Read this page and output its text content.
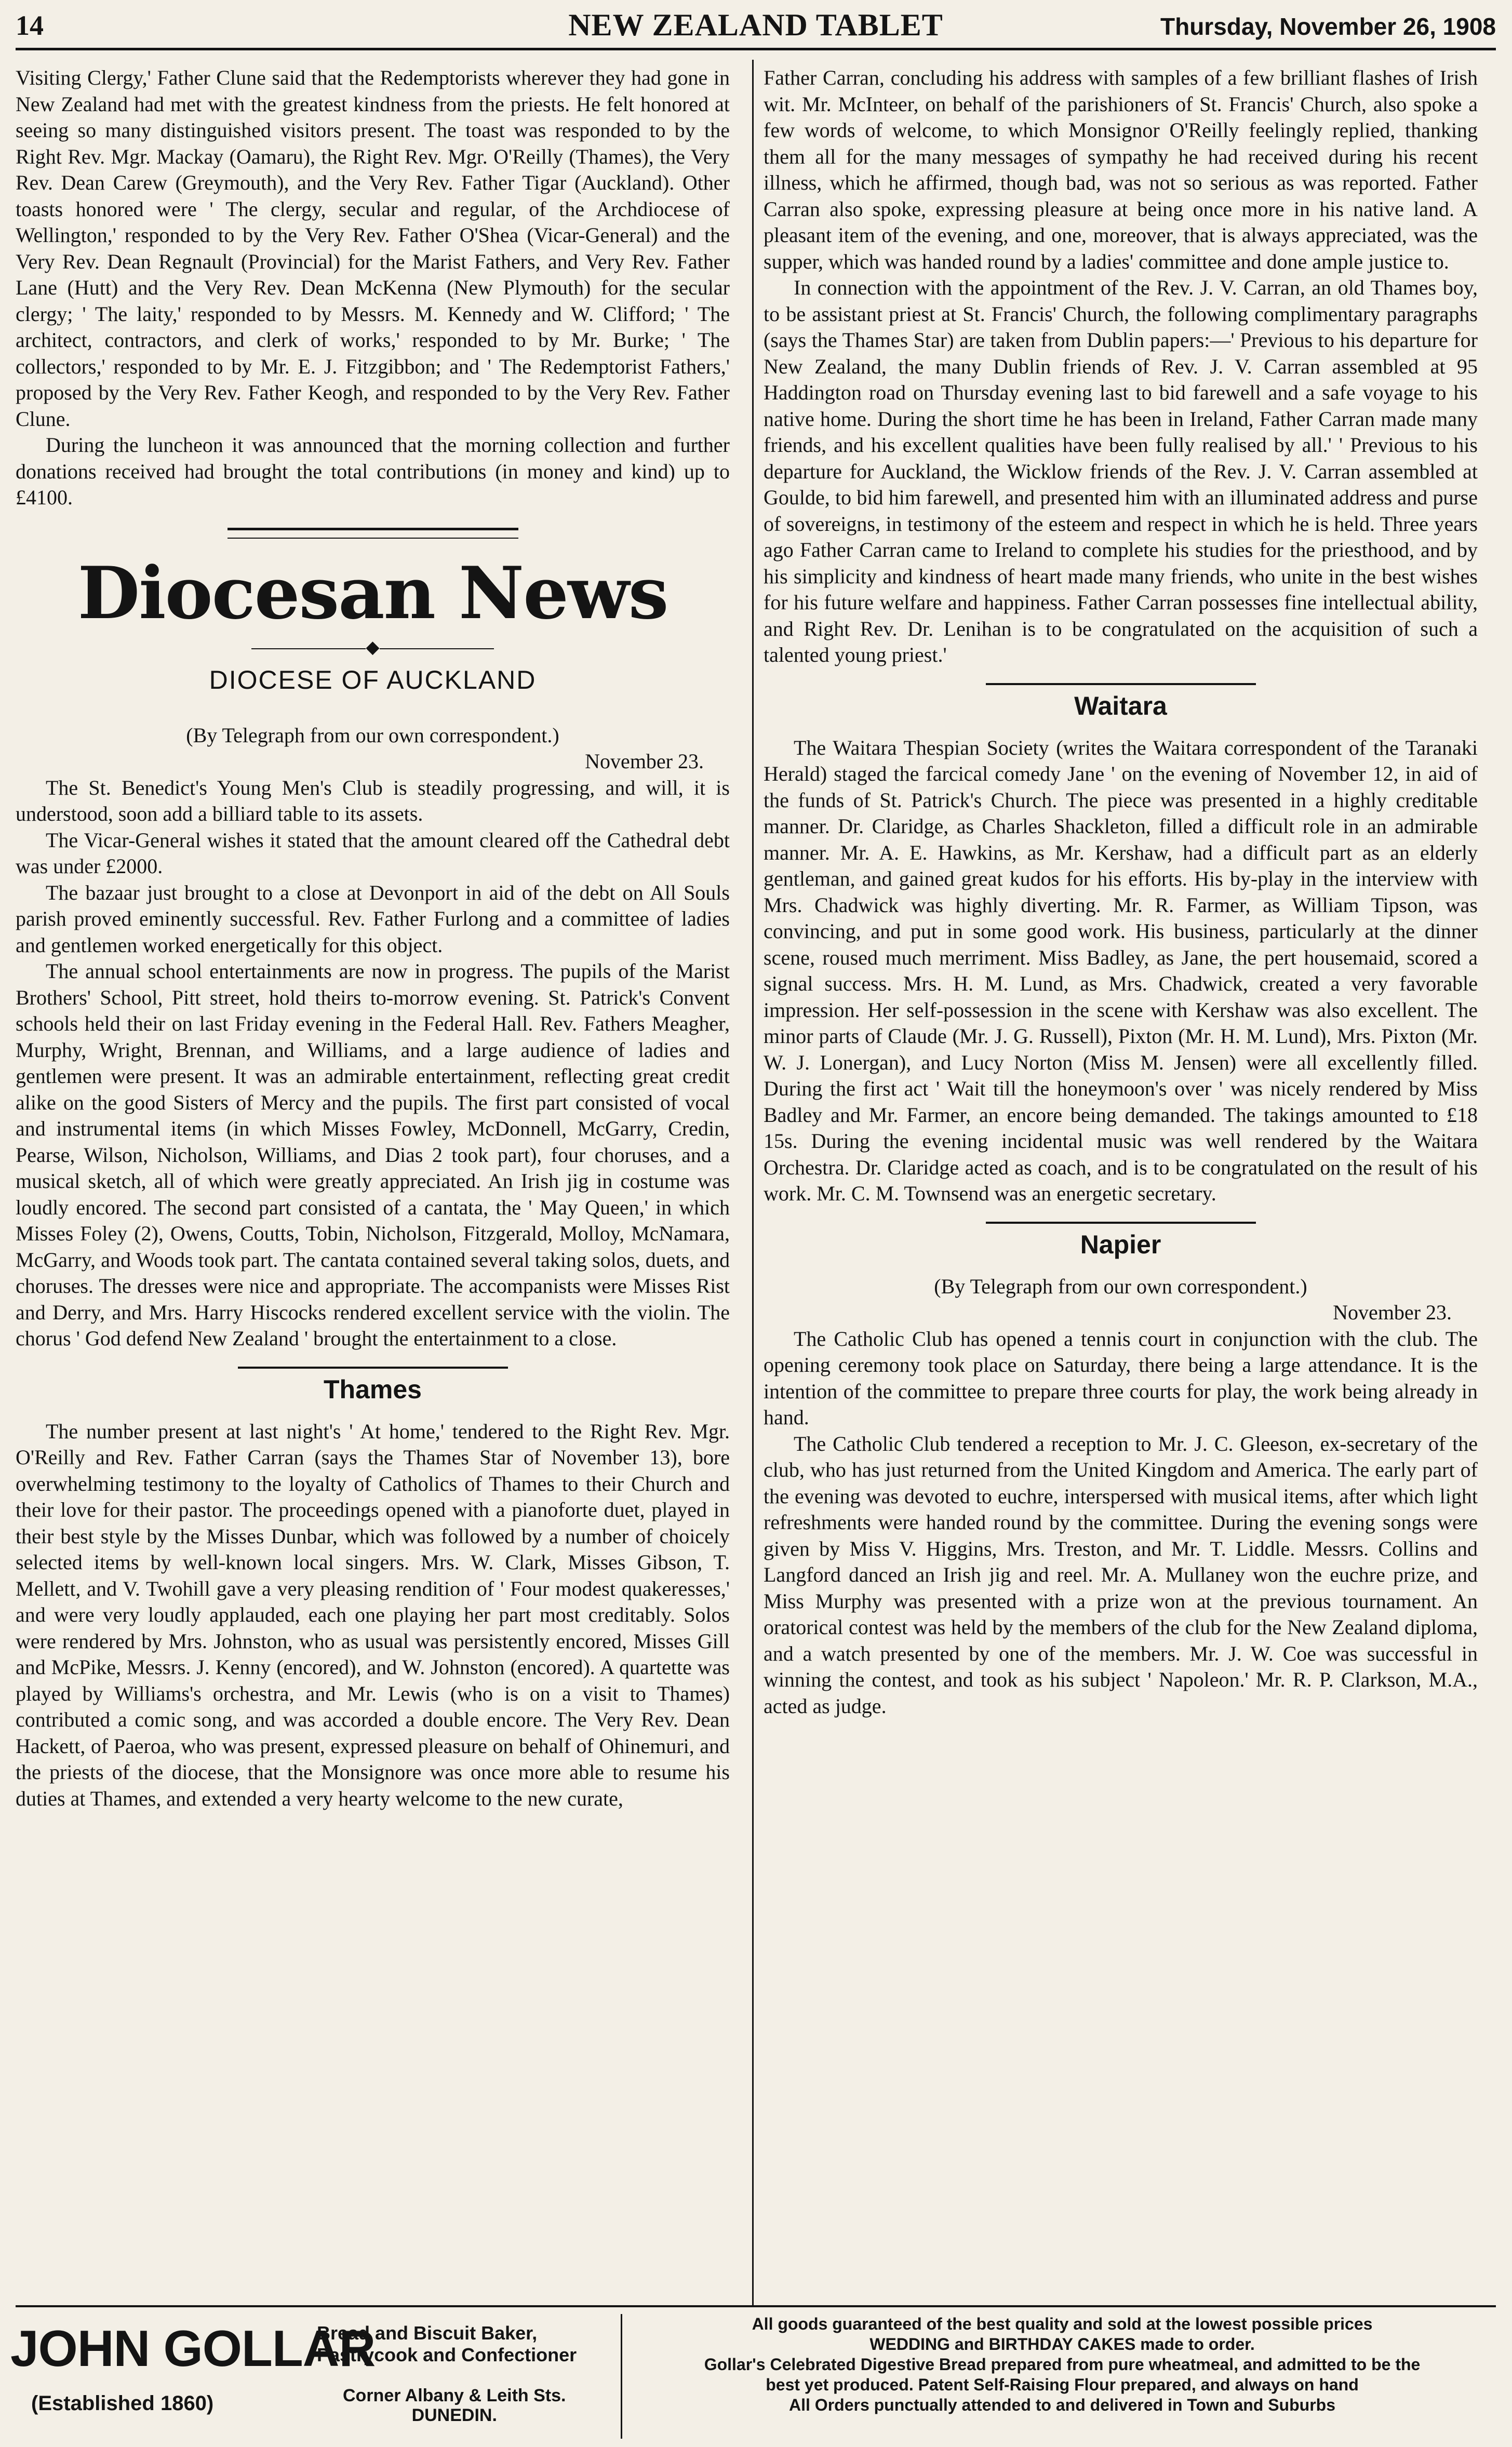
14	NEW ZEALAND TABLET	Thursday, November 26, 1908

Visiting Clergy,' Father Clune said that the Redemptorists wherever they had gone in New Zealand had met with the greatest kindness from the priests. He felt honored at seeing so many distinguished visitors present. The toast was responded to by the Right Rev. Mgr. Mackay (Oamaru), the Right Rev. Mgr. O'Reilly (Thames), the Very Rev. Dean Carew (Greymouth), and the Very Rev. Father Tigar (Auckland). Other toasts honored were ' The clergy, secular and regular, of the Archdiocese of Wellington,' responded to by the Very Rev. Father O'Shea (Vicar-General) and the Very Rev. Dean Regnault (Provincial) for the Marist Fathers, and Very Rev. Father Lane (Hutt) and the Very Rev. Dean McKenna (New Plymouth) for the secular clergy; ' The laity,' responded to by Messrs. M. Kennedy and W. Clifford; ' The architect, contractors, and clerk of works,' responded to by Mr. Burke; ' The collectors,' responded to by Mr. E. J. Fitzgibbon; and ' The Redemptorist Fathers,' proposed by the Very Rev. Father Keogh, and responded to by the Very Rev. Father Clune.

During the luncheon it was announced that the morning collection and further donations received had brought the total contributions (in money and kind) up to £4100.

Diocesan News
◆
DIOCESE OF AUCKLAND

(By Telegraph from our own correspondent.)

November 23.

The St. Benedict's Young Men's Club is steadily progressing, and will, it is understood, soon add a billiard table to its assets.

The Vicar-General wishes it stated that the amount cleared off the Cathedral debt was under £2000.

The bazaar just brought to a close at Devonport in aid of the debt on All Souls parish proved eminently successful. Rev. Father Furlong and a committee of ladies and gentlemen worked energetically for this object.

The annual school entertainments are now in progress. The pupils of the Marist Brothers' School, Pitt street, hold theirs to-morrow evening. St. Patrick's Convent schools held their on last Friday evening in the Federal Hall. Rev. Fathers Meagher, Murphy, Wright, Brennan, and Williams, and a large audience of ladies and gentlemen were present. It was an admirable entertainment, reflecting great credit alike on the good Sisters of Mercy and the pupils. The first part consisted of vocal and instrumental items (in which Misses Fowley, McDonnell, McGarry, Credin, Pearse, Wilson, Nicholson, Williams, and Dias 2 took part), four choruses, and a musical sketch, all of which were greatly appreciated. An Irish jig in costume was loudly encored. The second part consisted of a cantata, the ' May Queen,' in which Misses Foley (2), Owens, Coutts, Tobin, Nicholson, Fitzgerald, Molloy, McNamara, McGarry, and Woods took part. The cantata contained several taking solos, duets, and choruses. The dresses were nice and appropriate. The accompanists were Misses Rist and Derry, and Mrs. Harry Hiscocks rendered excellent service with the violin. The chorus ' God defend New Zealand ' brought the entertainment to a close.

Thames

The number present at last night's ' At home,' tendered to the Right Rev. Mgr. O'Reilly and Rev. Father Carran (says the Thames Star of November 13), bore overwhelming testimony to the loyalty of Catholics of Thames to their Church and their love for their pastor. The proceedings opened with a pianoforte duet, played in their best style by the Misses Dunbar, which was followed by a number of choicely selected items by well-known local singers. Mrs. W. Clark, Misses Gibson, T. Mellett, and V. Twohill gave a very pleasing rendition of ' Four modest quakeresses,' and were very loudly applauded, each one playing her part most creditably. Solos were rendered by Mrs. Johnston, who as usual was persistently encored, Misses Gill and McPike, Messrs. J. Kenny (encored), and W. Johnston (encored). A quartette was played by Williams's orchestra, and Mr. Lewis (who is on a visit to Thames) contributed a comic song, and was accorded a double encore. The Very Rev. Dean Hackett, of Paeroa, who was present, expressed pleasure on behalf of Ohinemuri, and the priests of the diocese, that the Monsignore was once more able to resume his duties at Thames, and extended a very hearty welcome to the new curate,

Father Carran, concluding his address with samples of a few brilliant flashes of Irish wit. Mr. McInteer, on behalf of the parishioners of St. Francis' Church, also spoke a few words of welcome, to which Monsignor O'Reilly feelingly replied, thanking them all for the many messages of sympathy he had received during his recent illness, which he affirmed, though bad, was not so serious as was reported. Father Carran also spoke, expressing pleasure at being once more in his native land. A pleasant item of the evening, and one, moreover, that is always appreciated, was the supper, which was handed round by a ladies' committee and done ample justice to.

In connection with the appointment of the Rev. J. V. Carran, an old Thames boy, to be assistant priest at St. Francis' Church, the following complimentary paragraphs (says the Thames Star) are taken from Dublin papers:—' Previous to his departure for New Zealand, the many Dublin friends of Rev. J. V. Carran assembled at 95 Haddington road on Thursday evening last to bid farewell and a safe voyage to his native home. During the short time he has been in Ireland, Father Carran made many friends, and his excellent qualities have been fully realised by all.' ' Previous to his departure for Auckland, the Wicklow friends of the Rev. J. V. Carran assembled at Goulde, to bid him farewell, and presented him with an illuminated address and purse of sovereigns, in testimony of the esteem and respect in which he is held. Three years ago Father Carran came to Ireland to complete his studies for the priesthood, and by his simplicity and kindness of heart made many friends, who unite in the best wishes for his future welfare and happiness. Father Carran possesses fine intellectual ability, and Right Rev. Dr. Lenihan is to be congratulated on the acquisition of such a talented young priest.'

Waitara

The Waitara Thespian Society (writes the Waitara correspondent of the Taranaki Herald) staged the farcical comedy Jane ' on the evening of November 12, in aid of the funds of St. Patrick's Church. The piece was presented in a highly creditable manner. Dr. Claridge, as Charles Shackleton, filled a difficult role in an admirable manner. Mr. A. E. Hawkins, as Mr. Kershaw, had a difficult part as an elderly gentleman, and gained great kudos for his efforts. His by-play in the interview with Mrs. Chadwick was highly diverting. Mr. R. Farmer, as William Tipson, was convincing, and put in some good work. His business, particularly at the dinner scene, roused much merriment. Miss Badley, as Jane, the pert housemaid, scored a signal success. Mrs. H. M. Lund, as Mrs. Chadwick, created a very favorable impression. Her self-possession in the scene with Kershaw was also excellent. The minor parts of Claude (Mr. J. G. Russell), Pixton (Mr. H. M. Lund), Mrs. Pixton (Mr. W. J. Lonergan), and Lucy Norton (Miss M. Jensen) were all excellently filled. During the first act ' Wait till the honeymoon's over ' was nicely rendered by Miss Badley and Mr. Farmer, an encore being demanded. The takings amounted to £18 15s. During the evening incidental music was well rendered by the Waitara Orchestra. Dr. Claridge acted as coach, and is to be congratulated on the result of his work. Mr. C. M. Townsend was an energetic secretary.

Napier

(By Telegraph from our own correspondent.)

November 23.

The Catholic Club has opened a tennis court in conjunction with the club. The opening ceremony took place on Saturday, there being a large attendance. It is the intention of the committee to prepare three courts for play, the work being already in hand.

The Catholic Club tendered a reception to Mr. J. C. Gleeson, ex-secretary of the club, who has just returned from the United Kingdom and America. The early part of the evening was devoted to euchre, interspersed with musical items, after which light refreshments were handed round by the committee. During the evening songs were given by Miss V. Higgins, Mrs. Treston, and Mr. T. Liddle. Messrs. Collins and Langford danced an Irish jig and reel. Mr. A. Mullaney won the euchre prize, and Miss Murphy was presented with a prize won at the previous tournament. An oratorical contest was held by the members of the club for the New Zealand diploma, and a watch presented by one of the members. Mr. J. W. Coe was successful in winning the contest, and took as his subject ' Napoleon.' Mr. R. P. Clarkson, M.A., acted as judge.

JOHN GOLLAR
Bread and Biscuit Baker,
Pastrycook and Confectioner
(Established 1860)	Corner Albany & Leith Sts.
DUNEDIN.
All goods guaranteed of the best quality and sold at the lowest possible prices
WEDDING and BIRTHDAY CAKES made to order.
Gollar's Celebrated Digestive Bread prepared from pure wheatmeal, and admitted to be the
best yet produced. Patent Self-Raising Flour prepared, and always on hand
All Orders punctually attended to and delivered in Town and Suburbs
